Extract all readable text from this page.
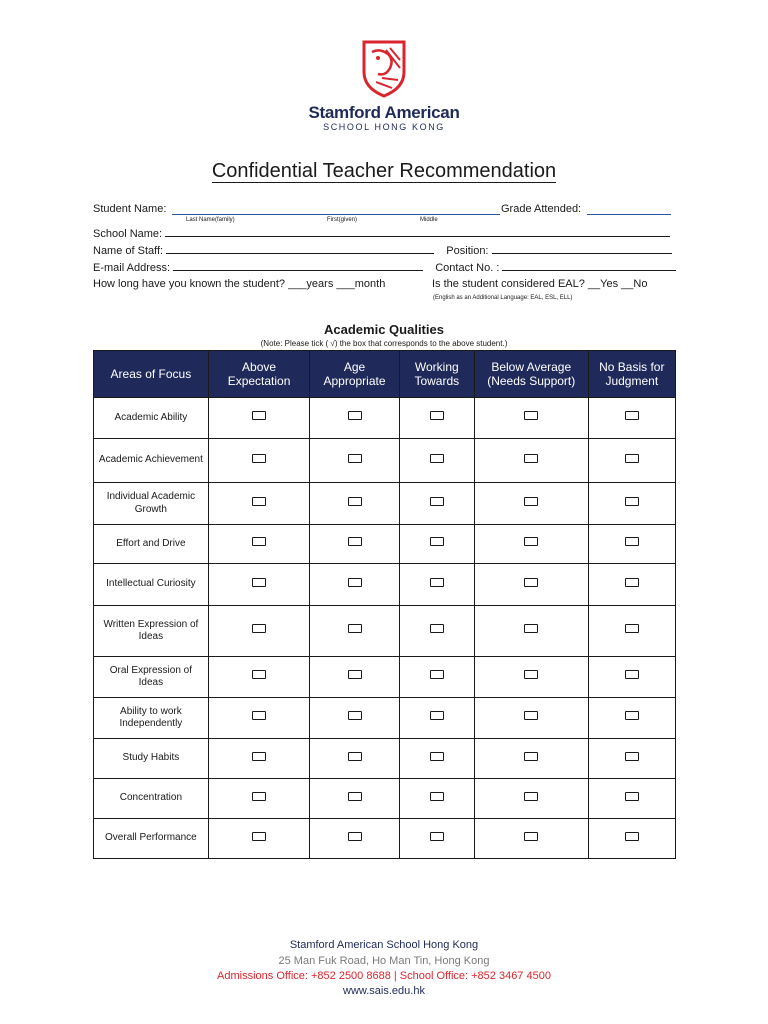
Stamford American
SCHOOL HONG KONG
Confidential Teacher Recommendation
Student Name:	Grade Attended:
Last Name(family)	First(given)	Middle
School Name:
Name of Staff:	Position:
E-mail Address:	Contact No. :
How long have you known the student? ___years ___month	Is the student considered EAL? __Yes __No
(English as an Additional Language: EAL, ESL, ELL)
Academic Qualities
(Note: Please tick ( √) the box that corresponds to the above student.)
Areas of Focus	Above Expectation	Age Appropriate	Working Towards	Below Average (Needs Support)	No Basis for Judgment
Academic Ability					
Academic Achievement					
Individual Academic Growth					
Effort and Drive					
Intellectual Curiosity					
Written Expression of Ideas					
Oral Expression of Ideas					
Ability to work Independently					
Study Habits					
Concentration					
Overall Performance					
Stamford American School Hong Kong
25 Man Fuk Road, Ho Man Tin, Hong Kong
Admissions Office: +852 2500 8688 | School Office: +852 3467 4500
www.sais.edu.hk
